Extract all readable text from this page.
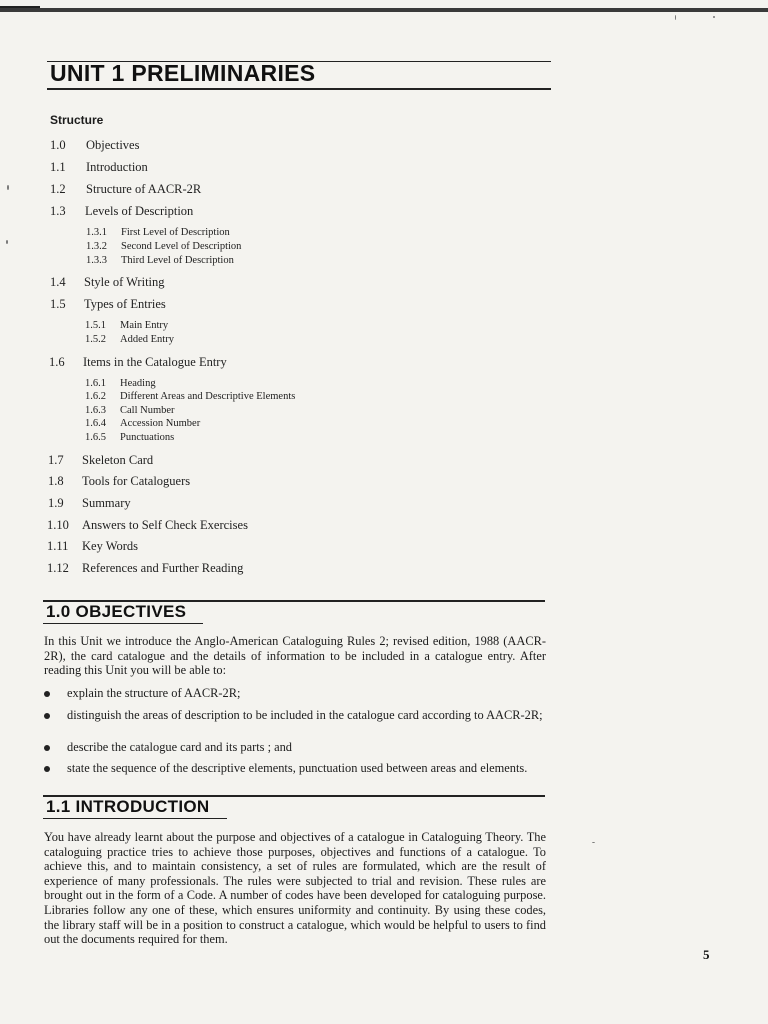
UNIT 1 PRELIMINARIES
Structure
1.0 Objectives
1.1 Introduction
1.2 Structure of AACR-2R
1.3 Levels of Description
1.3.1 First Level of Description
1.3.2 Second Level of Description
1.3.3 Third Level of Description
1.4 Style of Writing
1.5 Types of Entries
1.5.1 Main Entry
1.5.2 Added Entry
1.6 Items in the Catalogue Entry
1.6.1 Heading
1.6.2 Different Areas and Descriptive Elements
1.6.3 Call Number
1.6.4 Accession Number
1.6.5 Punctuations
1.7 Skeleton Card
1.8 Tools for Cataloguers
1.9 Summary
1.10 Answers to Self Check Exercises
1.11 Key Words
1.12 References and Further Reading
1.0 OBJECTIVES

In this Unit we introduce the Anglo-American Cataloguing Rules 2; revised edition, 1988 (AACR-2R), the card catalogue and the details of information to be included in a catalogue entry. After reading this Unit you will be able to:

explain the structure of AACR-2R;
distinguish the areas of description to be included in the catalogue card according to AACR-2R;
describe the catalogue card and its parts ; and
state the sequence of the descriptive elements, punctuation used between areas and elements.
1.1 INTRODUCTION

You have already learnt about the purpose and objectives of a catalogue in Cataloguing Theory. The cataloguing practice tries to achieve those purposes, objectives and functions of a catalogue. To achieve this, and to maintain consistency, a set of rules are formulated, which are the result of experience of many professionals. The rules were subjected to trial and revision. These rules are brought out in the form of a Code. A number of codes have been developed for cataloguing purpose. Libraries follow any one of these, which ensures uniformity and continuity. By using these codes, the library staff will be in a position to construct a catalogue, which would be helpful to users to find out the documents required for them.

5
